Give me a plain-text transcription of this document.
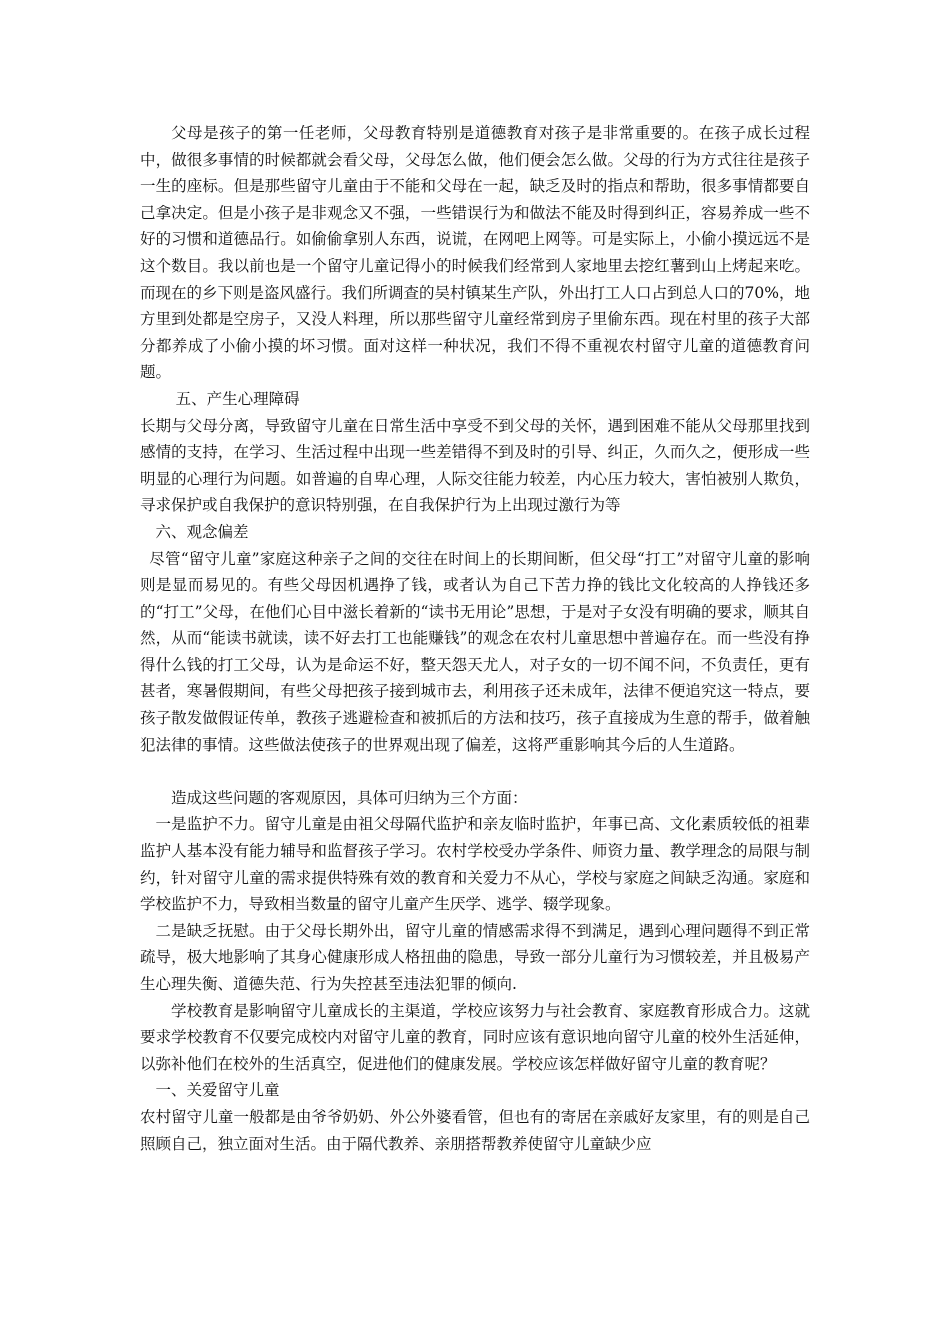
父母是孩子的第一任老师，父母教育特别是道德教育对孩子是非常重要的。在孩子成长过程中，做很多事情的时候都就会看父母，父母怎么做，他们便会怎么做。父母的行为方式往往是孩子一生的座标。但是那些留守儿童由于不能和父母在一起，缺乏及时的指点和帮助，很多事情都要自己拿决定。但是小孩子是非观念又不强，一些错误行为和做法不能及时得到纠正，容易养成一些不好的习惯和道德品行。如偷偷拿别人东西，说谎，在网吧上网等。可是实际上，小偷小摸远远不是这个数目。我以前也是一个留守儿童记得小的时候我们经常到人家地里去挖红薯到山上烤起来吃。而现在的乡下则是盗风盛行。我们所调查的吴村镇某生产队，外出打工人口占到总人口的70%，地方里到处都是空房子，又没人料理，所以那些留守儿童经常到房子里偷东西。现在村里的孩子大部分都养成了小偷小摸的坏习惯。面对这样一种状况，我们不得不重视农村留守儿童的道德教育问题。

五、产生心理障碍

长期与父母分离，导致留守儿童在日常生活中享受不到父母的关怀，遇到困难不能从父母那里找到感情的支持，在学习、生活过程中出现一些差错得不到及时的引导、纠正，久而久之，便形成一些明显的心理行为问题。如普遍的自卑心理，人际交往能力较差，内心压力较大，害怕被别人欺负，寻求保护或自我保护的意识特别强，在自我保护行为上出现过激行为等

六、观念偏差

尽管“留守儿童”家庭这种亲子之间的交往在时间上的长期间断，但父母“打工”对留守儿童的影响则是显而易见的。有些父母因机遇挣了钱，或者认为自己下苦力挣的钱比文化较高的人挣钱还多的“打工”父母，在他们心目中滋长着新的“读书无用论”思想，于是对子女没有明确的要求，顺其自然，从而“能读书就读，读不好去打工也能赚钱”的观念在农村儿童思想中普遍存在。而一些没有挣得什么钱的打工父母，认为是命运不好，整天怨天尤人，对子女的一切不闻不问，不负责任，更有甚者，寒暑假期间，有些父母把孩子接到城市去，利用孩子还未成年，法律不便追究这一特点，要孩子散发做假证传单，教孩子逃避检查和被抓后的方法和技巧，孩子直接成为生意的帮手，做着触犯法律的事情。这些做法使孩子的世界观出现了偏差，这将严重影响其今后的人生道路。

造成这些问题的客观原因，具体可归纳为三个方面：

一是监护不力。留守儿童是由祖父母隔代监护和亲友临时监护，年事已高、文化素质较低的祖辈监护人基本没有能力辅导和监督孩子学习。农村学校受办学条件、师资力量、教学理念的局限与制约，针对留守儿童的需求提供特殊有效的教育和关爱力不从心，学校与家庭之间缺乏沟通。家庭和学校监护不力，导致相当数量的留守儿童产生厌学、逃学、辍学现象。

二是缺乏抚慰。由于父母长期外出，留守儿童的情感需求得不到满足，遇到心理问题得不到正常疏导，极大地影响了其身心健康形成人格扭曲的隐患，导致一部分儿童行为习惯较差，并且极易产生心理失衡、道德失范、行为失控甚至违法犯罪的倾向.

学校教育是影响留守儿童成长的主渠道，学校应该努力与社会教育、家庭教育形成合力。这就要求学校教育不仅要完成校内对留守儿童的教育，同时应该有意识地向留守儿童的校外生活延伸，以弥补他们在校外的生活真空，促进他们的健康发展。学校应该怎样做好留守儿童的教育呢？

一、关爱留守儿童

农村留守儿童一般都是由爷爷奶奶、外公外婆看管，但也有的寄居在亲戚好友家里，有的则是自己照顾自己，独立面对生活。由于隔代教养、亲朋搭帮教养使留守儿童缺少应
